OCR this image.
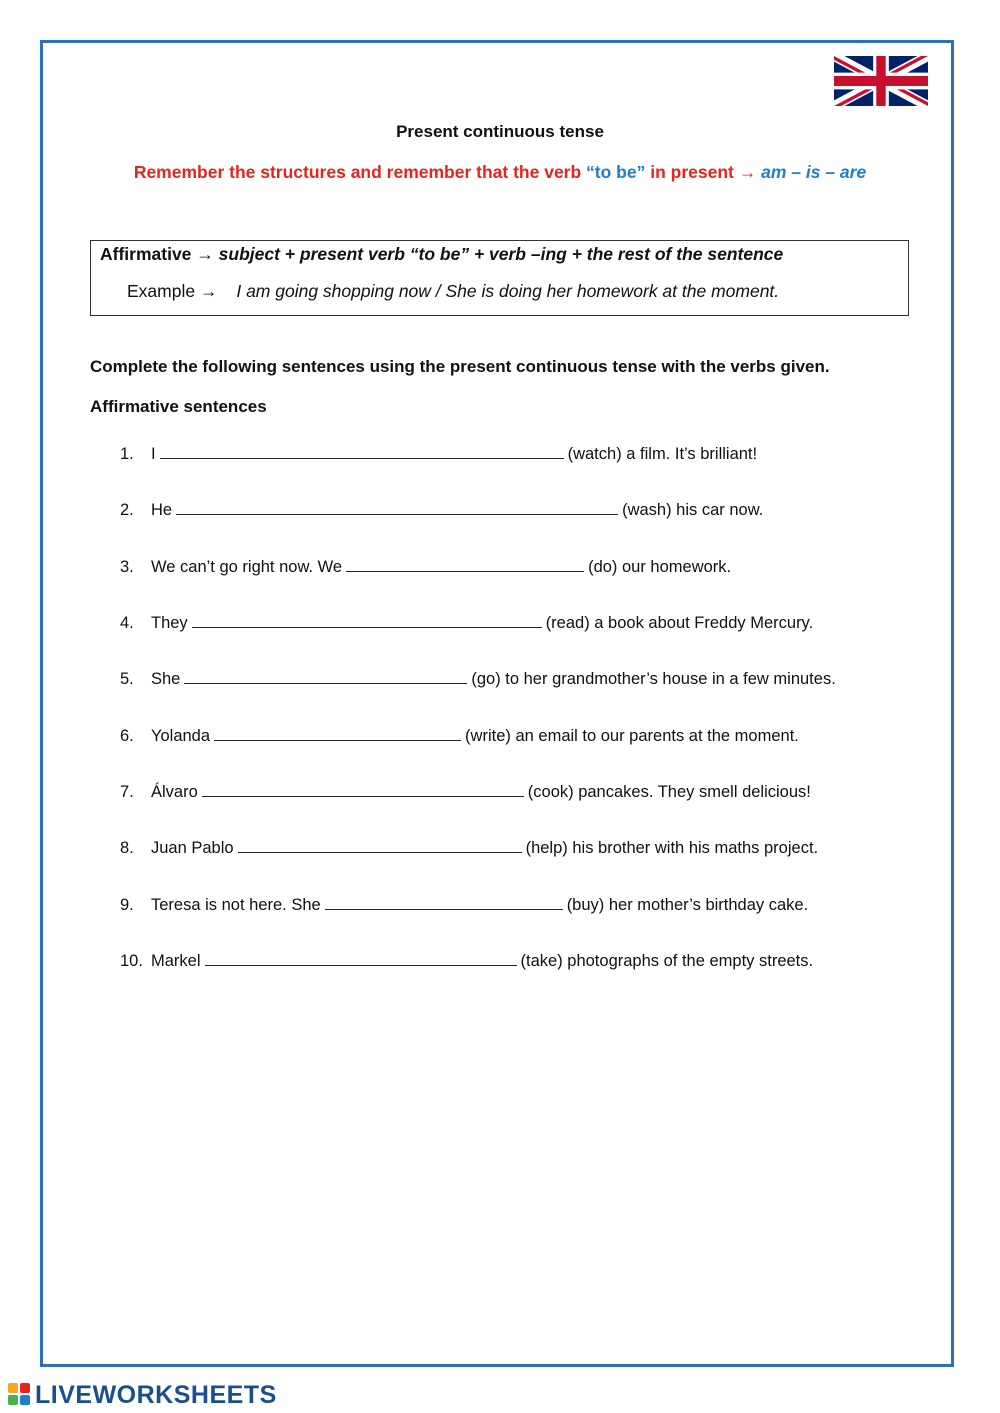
Present continuous tense
Remember the structures and remember that the verb “to be” in present → am – is – are
Affirmative → subject + present verb “to be” + verb –ing + the rest of the sentence
Example → I am going shopping now / She is doing her homework at the moment.
Complete the following sentences using the present continuous tense with the verbs given.
Affirmative sentences
1. I	(watch) a film. It’s brilliant!
2. He	(wash) his car now.
3. We can’t go right now. We	(do) our homework.
4. They	(read) a book about Freddy Mercury.
5. She	(go) to her grandmother’s house in a few minutes.
6. Yolanda	(write) an email to our parents at the moment.
7. Álvaro	(cook) pancakes. They smell delicious!
8. Juan Pablo	(help) his brother with his maths project.
9. Teresa is not here. She	(buy) her mother’s birthday cake.
10. Markel	(take) photographs of the empty streets.
LIVEWORKSHEETS
